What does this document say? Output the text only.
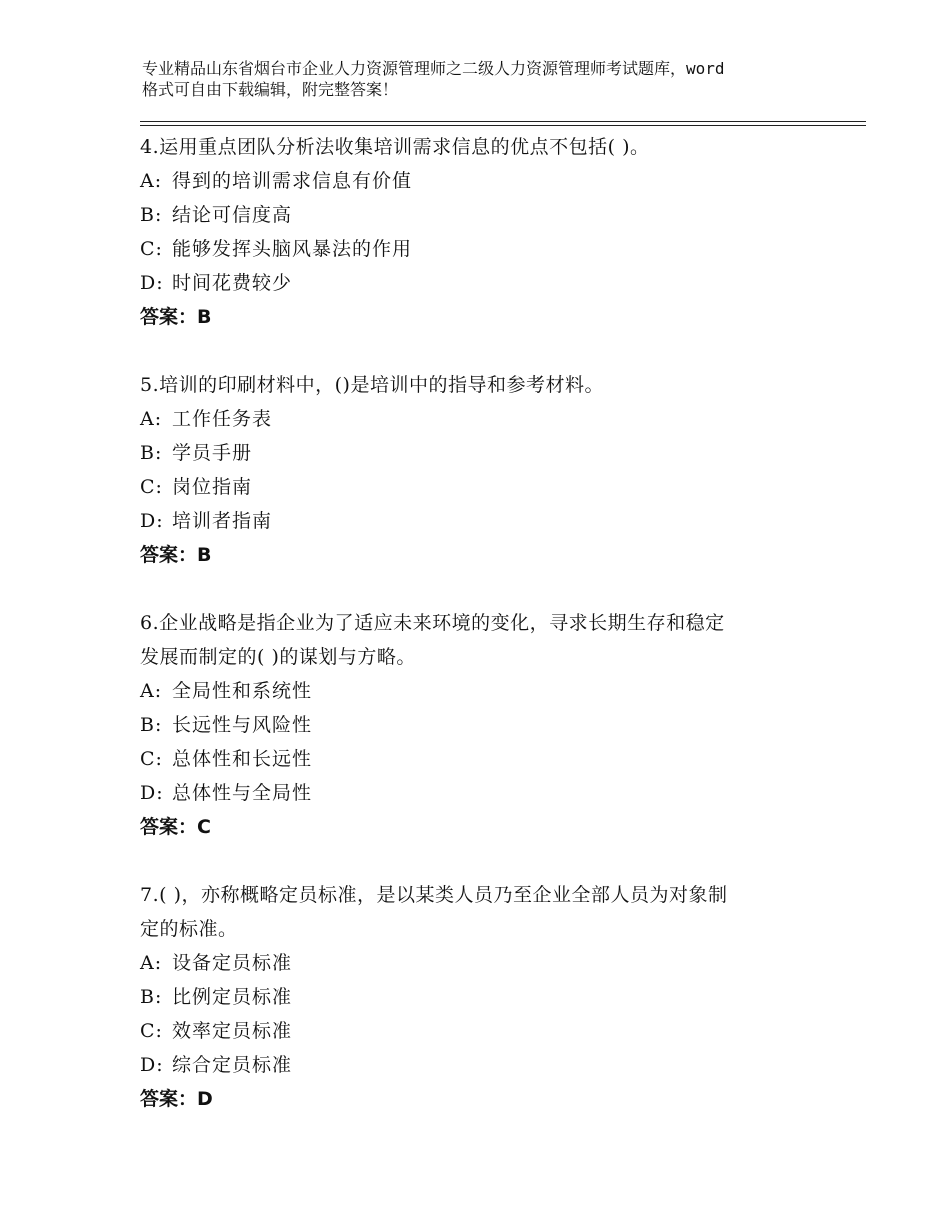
专业精品山东省烟台市企业人力资源管理师之二级人力资源管理师考试题库，word
格式可自由下载编辑，附完整答案！

4.运用重点团队分析法收集培训需求信息的优点不包括( )。

A: 得到的培训需求信息有价值

B: 结论可信度高

C: 能够发挥头脑风暴法的作用

D: 时间花费较少

答案：B

5.培训的印刷材料中，()是培训中的指导和参考材料。

A: 工作任务表

B: 学员手册

C: 岗位指南

D: 培训者指南

答案：B

6.企业战略是指企业为了适应未来环境的变化，寻求长期生存和稳定

发展而制定的( )的谋划与方略。

A: 全局性和系统性

B: 长远性与风险性

C: 总体性和长远性

D: 总体性与全局性

答案：C

7.( )，亦称概略定员标准，是以某类人员乃至企业全部人员为对象制

定的标准。

A: 设备定员标准

B: 比例定员标准

C: 效率定员标准

D: 综合定员标准

答案：D
